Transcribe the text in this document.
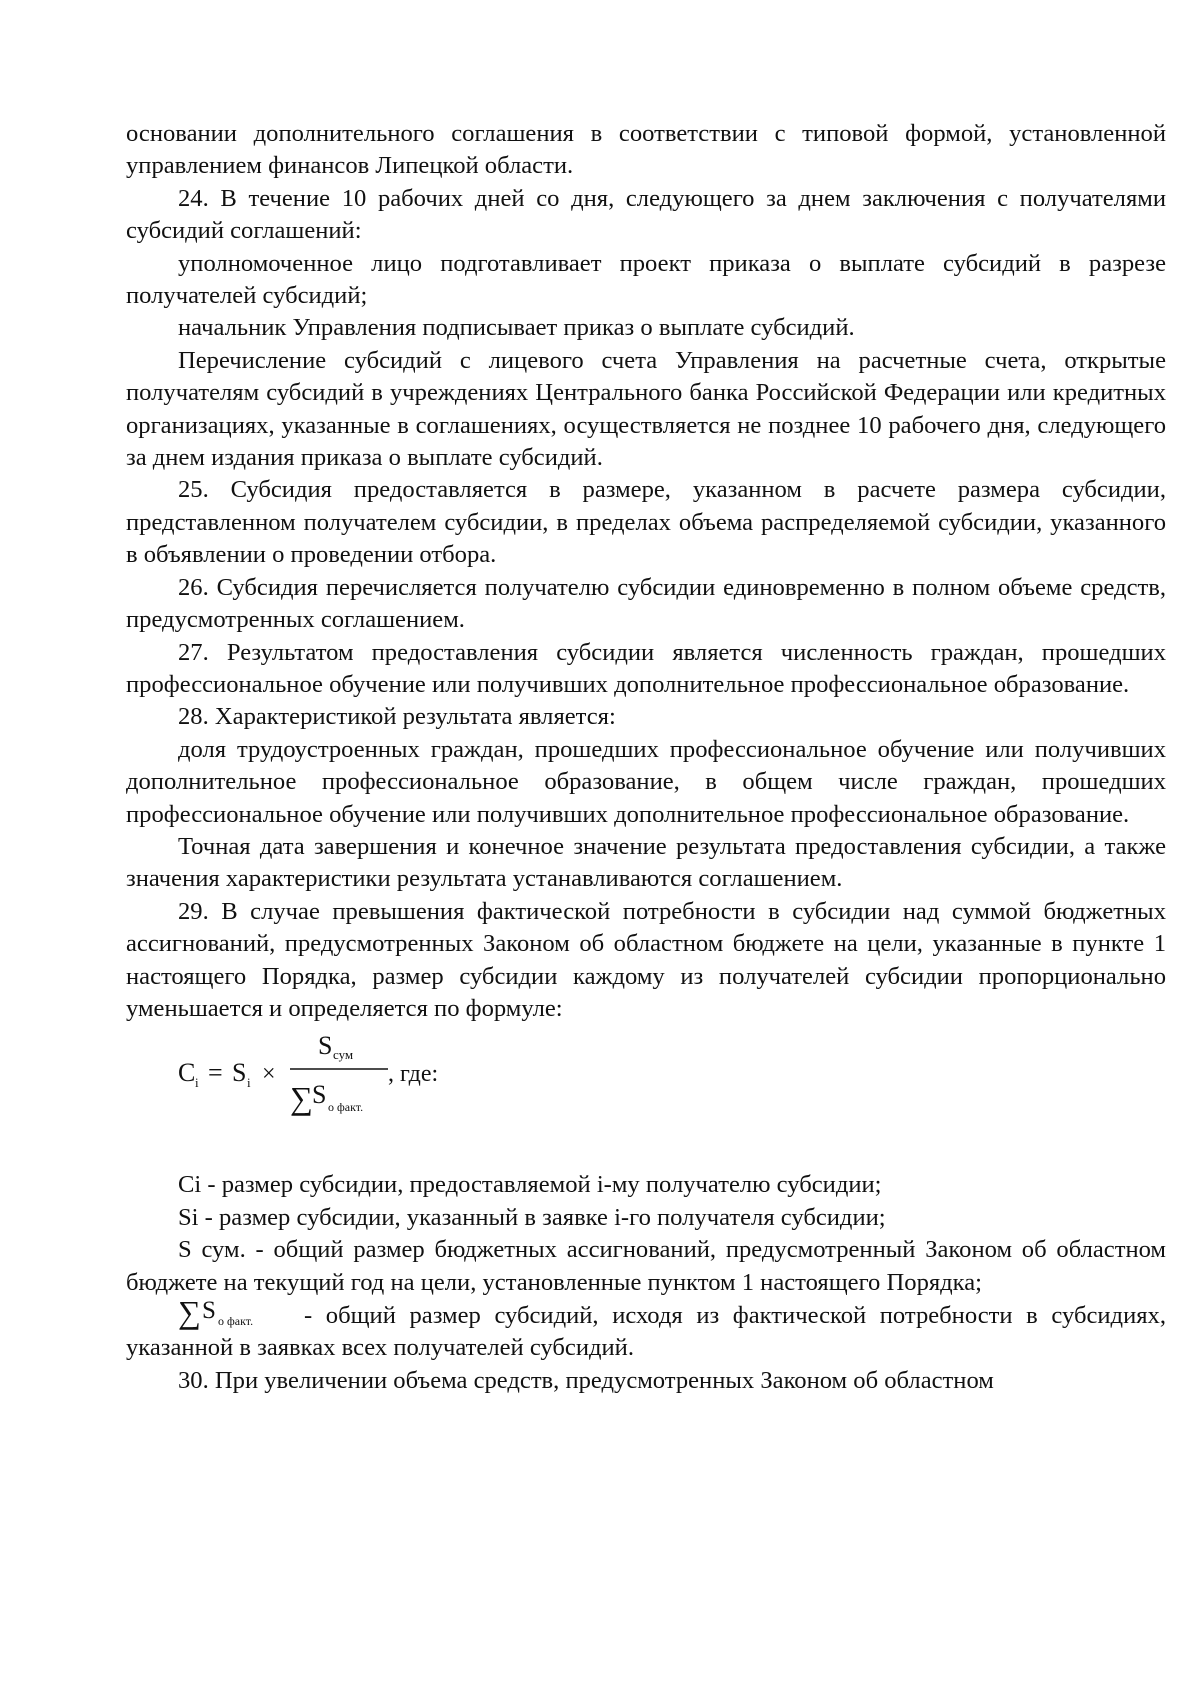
основании дополнительного соглашения в соответствии с типовой формой, установленной управлением финансов Липецкой области.

24. В течение 10 рабочих дней со дня, следующего за днем заключения с получателями субсидий соглашений:

уполномоченное лицо подготавливает проект приказа о выплате субсидий в разрезе получателей субсидий;

начальник Управления подписывает приказ о выплате субсидий.

Перечисление субсидий с лицевого счета Управления на расчетные счета, открытые получателям субсидий в учреждениях Центрального банка Российской Федерации или кредитных организациях, указанные в соглашениях, осуществляется не позднее 10 рабочего дня, следующего за днем издания приказа о выплате субсидий.

25. Субсидия предоставляется в размере, указанном в расчете размера субсидии, представленном получателем субсидии, в пределах объема распределяемой субсидии, указанного в объявлении о проведении отбора.

26. Субсидия перечисляется получателю субсидии единовременно в полном объеме средств, предусмотренных соглашением.

27. Результатом предоставления субсидии является численность граждан, прошедших профессиональное обучение или получивших дополнительное профессиональное образование.

28. Характеристикой результата является:

доля трудоустроенных граждан, прошедших профессиональное обучение или получивших дополнительное профессиональное образование, в общем числе граждан, прошедших профессиональное обучение или получивших дополнительное профессиональное образование.

Точная дата завершения и конечное значение результата предоставления субсидии, а также значения характеристики результата устанавливаются соглашением.

29. В случае превышения фактической потребности в субсидии над суммой бюджетных ассигнований, предусмотренных Законом об областном бюджете на цели, указанные в пункте 1 настоящего Порядка, размер субсидии каждому из получателей субсидии пропорционально уменьшается и определяется по формуле:

C i = S i ×
S сум
∑ S о факт.
, где:

Ci - размер субсидии, предоставляемой i-му получателю субсидии;

Si - размер субсидии, указанный в заявке i-го получателя субсидии;

S сум. - общий размер бюджетных ассигнований, предусмотренный Законом об областном бюджете на текущий год на цели, установленные пунктом 1 настоящего Порядка;

∑ S о факт. - общий размер субсидий, исходя из фактической потребности в субсидиях, указанной в заявках всех получателей субсидий.

30. При увеличении объема средств, предусмотренных Законом об областном
